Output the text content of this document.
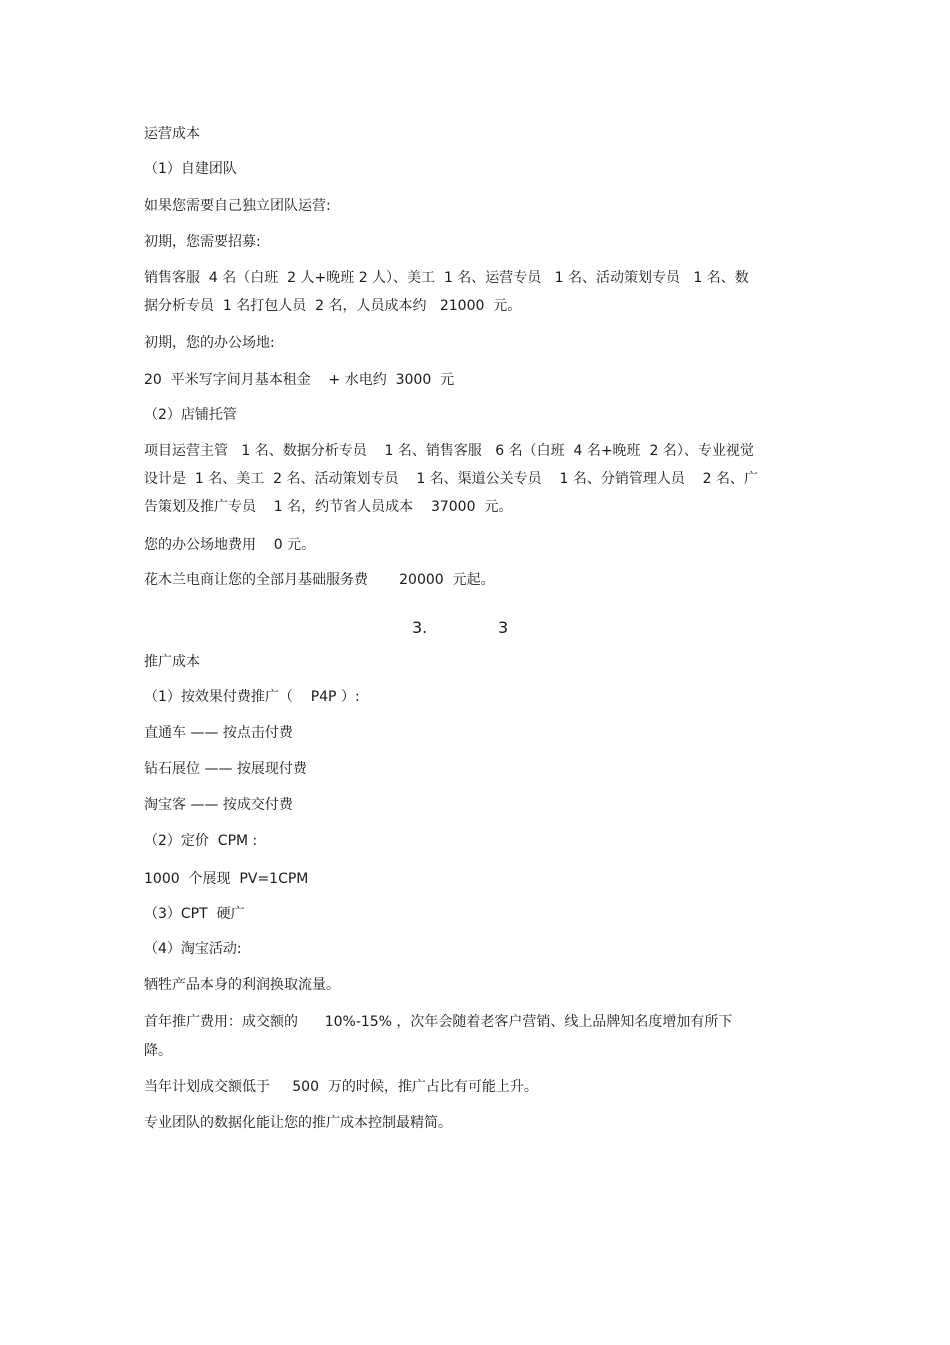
运营成本
（1）自建团队
如果您需要自己独立团队运营:
初期，您需要招募:
销售客服  4 名（白班  2 人+晚班 2 人）、美工  1 名、运营专员   1 名、活动策划专员   1 名、数
据分析专员  1 名打包人员  2 名，人员成本约   21000  元。
初期，您的办公场地:
20  平米写字间月基本租金    + 水电约  3000  元
（2）店铺托管
项目运营主管   1 名、数据分析专员    1 名、销售客服   6 名（白班  4 名+晚班  2 名）、专业视觉
设计是  1 名、美工  2 名、活动策划专员    1 名、渠道公关专员    1 名、分销管理人员    2 名、广
告策划及推广专员    1 名，约节省人员成本    37000  元。
您的办公场地费用    0 元。
花木兰电商让您的全部月基础服务费       20000  元起。
3.	3
推广成本
（1）按效果付费推广（    P4P ）:
直通车 —— 按点击付费
钻石展位 —— 按展现付费
淘宝客 —— 按成交付费
（2）定价  CPM :
1000  个展现  PV=1CPM
（3）CPT  硬广
（4）淘宝活动:
牺牲产品本身的利润换取流量。
首年推广费用：成交额的      10%-15% ，次年会随着老客户营销、线上品牌知名度增加有所下
降。
当年计划成交额低于     500  万的时候，推广占比有可能上升。
专业团队的数据化能让您的推广成本控制最精简。
